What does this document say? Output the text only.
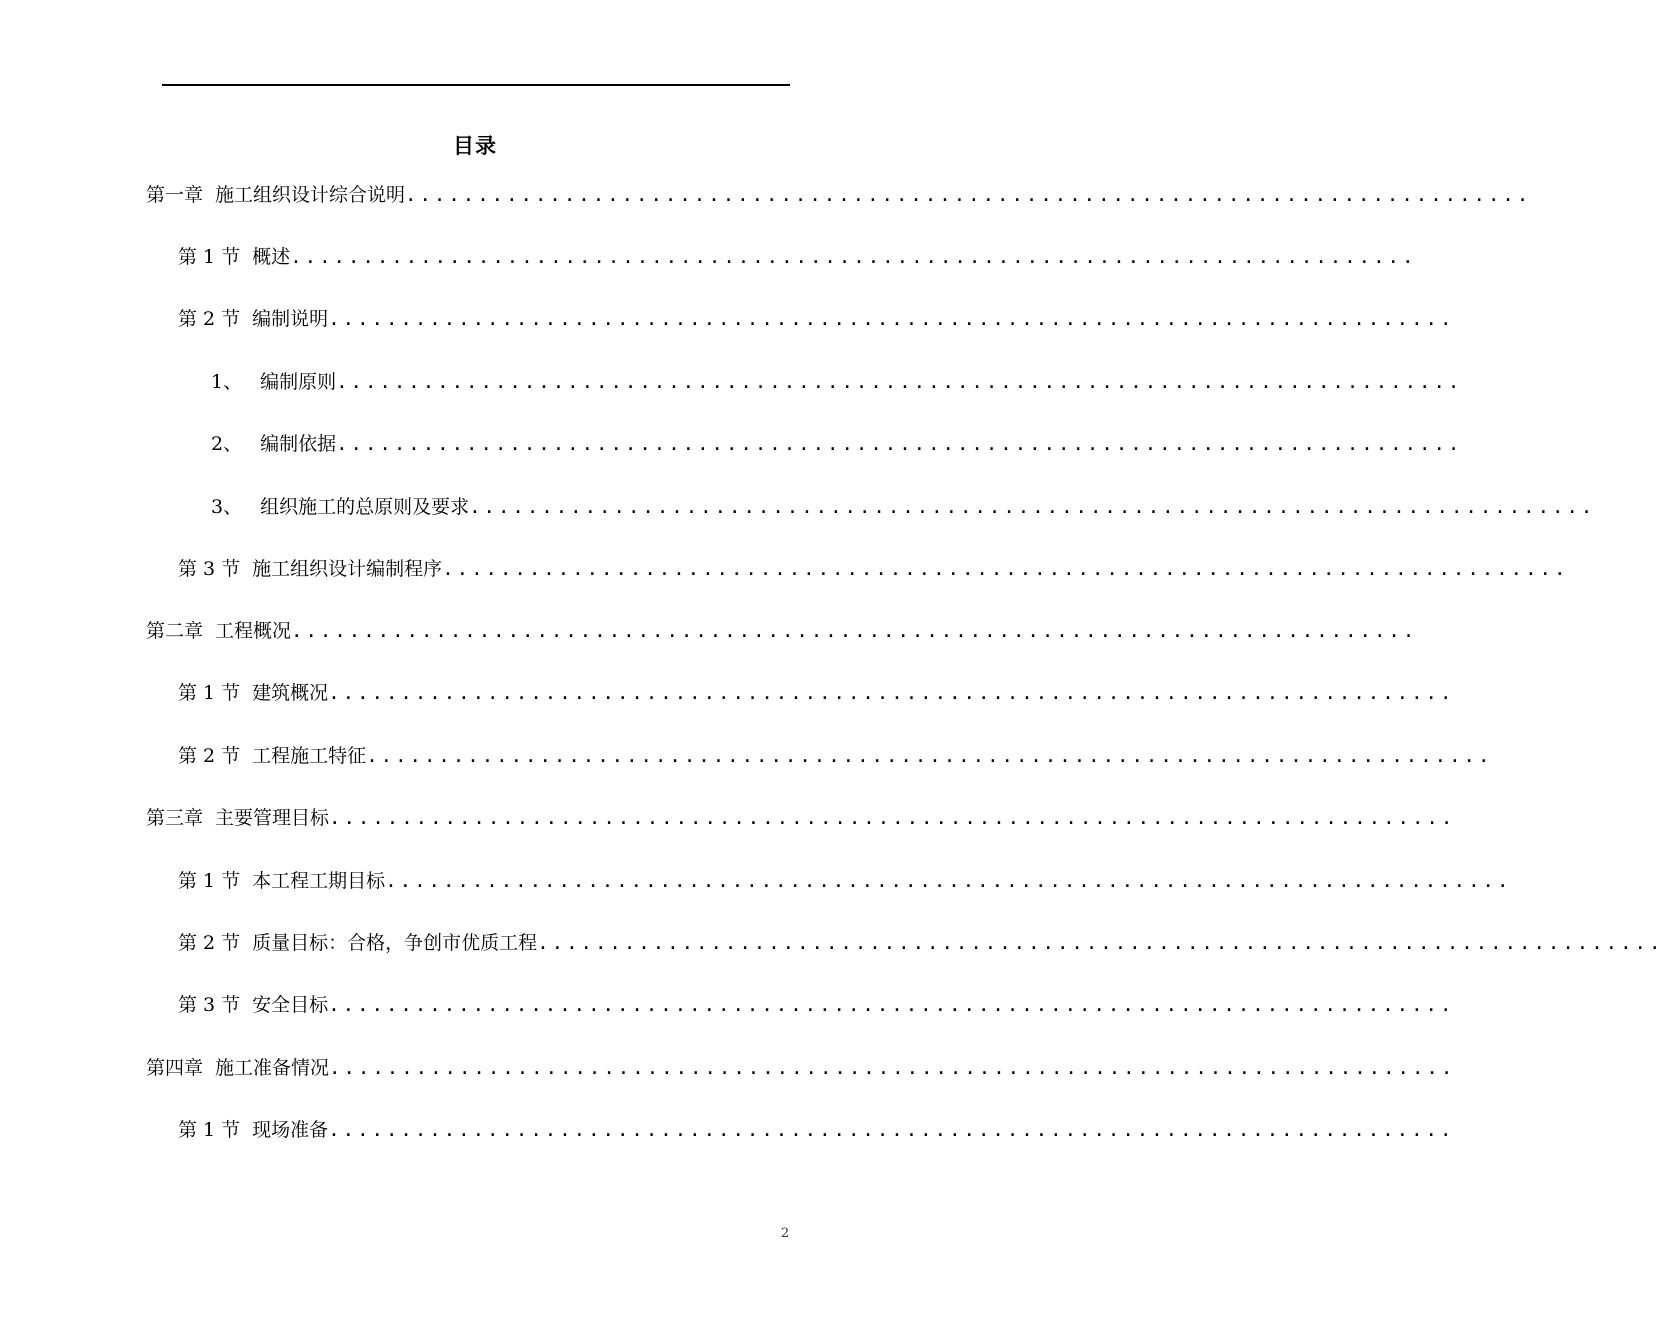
目录
第一章 施工组织设计综合说明 ..............................................................................
第 1 节 概述 ..............................................................................
第 2 节 编制说明 ..............................................................................
1、 编制原则 ..............................................................................
2、 编制依据 ..............................................................................
3、 组织施工的总原则及要求 ..............................................................................
第 3 节 施工组织设计编制程序 ..............................................................................
第二章 工程概况 ..............................................................................
第 1 节 建筑概况 ..............................................................................
第 2 节 工程施工特征 ..............................................................................
第三章 主要管理目标 ..............................................................................
第 1 节 本工程工期目标 ..............................................................................
第 2 节 质量目标：合格，争创市优质工程 ..............................................................................
第 3 节 安全目标 ..............................................................................
第四章 施工准备情况 ..............................................................................
第 1 节 现场准备 ..............................................................................
2
